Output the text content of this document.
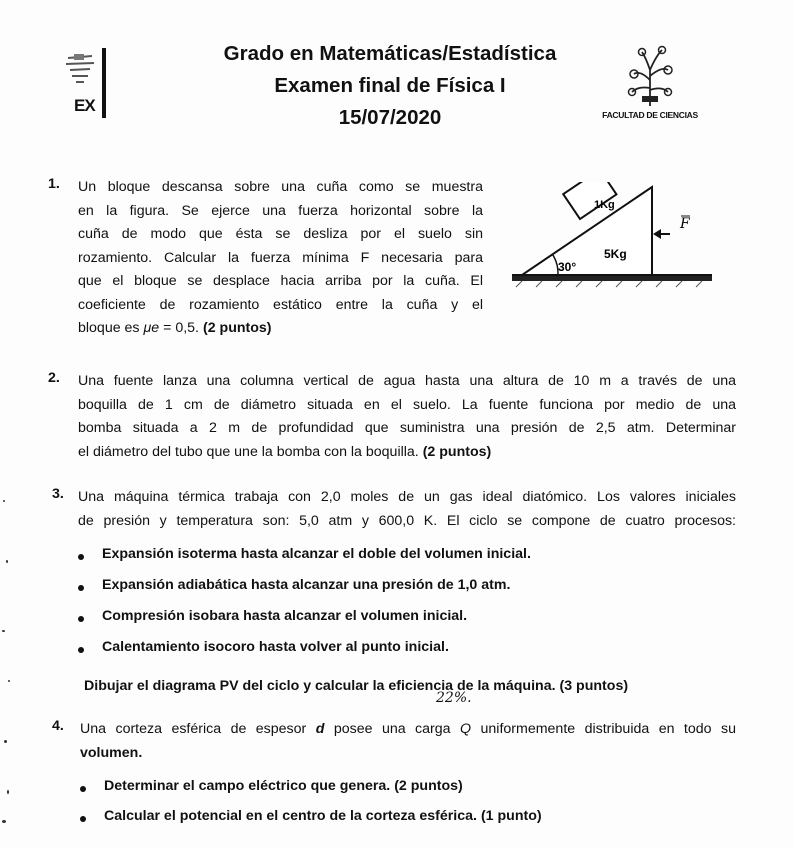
EX
Grado en Matemáticas/Estadística
Examen final de Física I
15/07/2020	FACULTAD DE CIENCIAS
1. Un bloque descansa sobre una cuña como se muestra
en la figura. Se ejerce una fuerza horizontal sobre la
cuña de modo que ésta se desliza por el suelo sin
rozamiento. Calcular la fuerza mínima F necesaria para
que el bloque se desplace hacia arriba por la cuña. El
coeficiente de rozamiento estático entre la cuña y el
bloque es μe = 0,5. (2 puntos)
1Kg
5Kg
30°
F
2. Una fuente lanza una columna vertical de agua hasta una altura de 10 m a través de una
boquilla de 1 cm de diámetro situada en el suelo. La fuente funciona por medio de una
bomba situada a 2 m de profundidad que suministra una presión de 2,5 atm. Determinar
el diámetro del tubo que une la bomba con la boquilla. (2 puntos)
3. Una máquina térmica trabaja con 2,0 moles de un gas ideal diatómico. Los valores iniciales
de presión y temperatura son: 5,0 atm y 600,0 K. El ciclo se compone de cuatro procesos:
Expansión isoterma hasta alcanzar el doble del volumen inicial.
Expansión adiabática hasta alcanzar una presión de 1,0 atm.
Compresión isobara hasta alcanzar el volumen inicial.
Calentamiento isocoro hasta volver al punto inicial.
Dibujar el diagrama PV del ciclo y calcular la eficiencia de la máquina. (3 puntos)
22%.
4. Una corteza esférica de espesor d posee una carga Q uniformemente distribuida en todo su
volumen.
Determinar el campo eléctrico que genera. (2 puntos)
Calcular el potencial en el centro de la corteza esférica. (1 punto)
